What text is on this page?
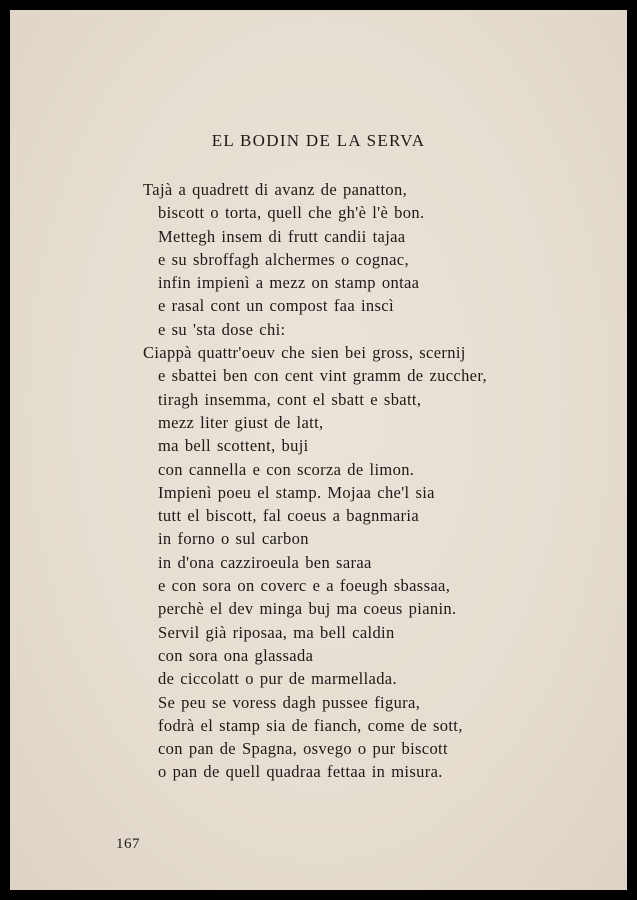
EL BODIN DE LA SERVA
Tajà a quadrett di avanz de panatton,
biscott o torta, quell che gh'è l'è bon.
Mettegh insem di frutt candii tajaa
e su sbroffagh alchermes o cognac,
infin impienì a mezz on stamp ontaa
e rasal cont un compost faa inscì
e su 'sta dose chi:
Ciappà quattr'oeuv che sien bei gross, scernij
e sbattei ben con cent vint gramm de zuccher,
tiragh insemma, cont el sbatt e sbatt,
mezz liter giust de latt,
ma bell scottent, buji
con cannella e con scorza de limon.
Impienì poeu el stamp. Mojaa che'l sia
tutt el biscott, fal coeus a bagnmaria
in forno o sul carbon
in d'ona cazziroeula ben saraa
e con sora on coverc e a foeugh sbassaa,
perchè el dev minga buj ma coeus pianin.
Servil già riposaa, ma bell caldin
con sora ona glassada
de ciccolatt o pur de marmellada.
Se peu se voress dagh pussee figura,
fodrà el stamp sia de fianch, come de sott,
con pan de Spagna, osvego o pur biscott
o pan de quell quadraa fettaa in misura.
167
